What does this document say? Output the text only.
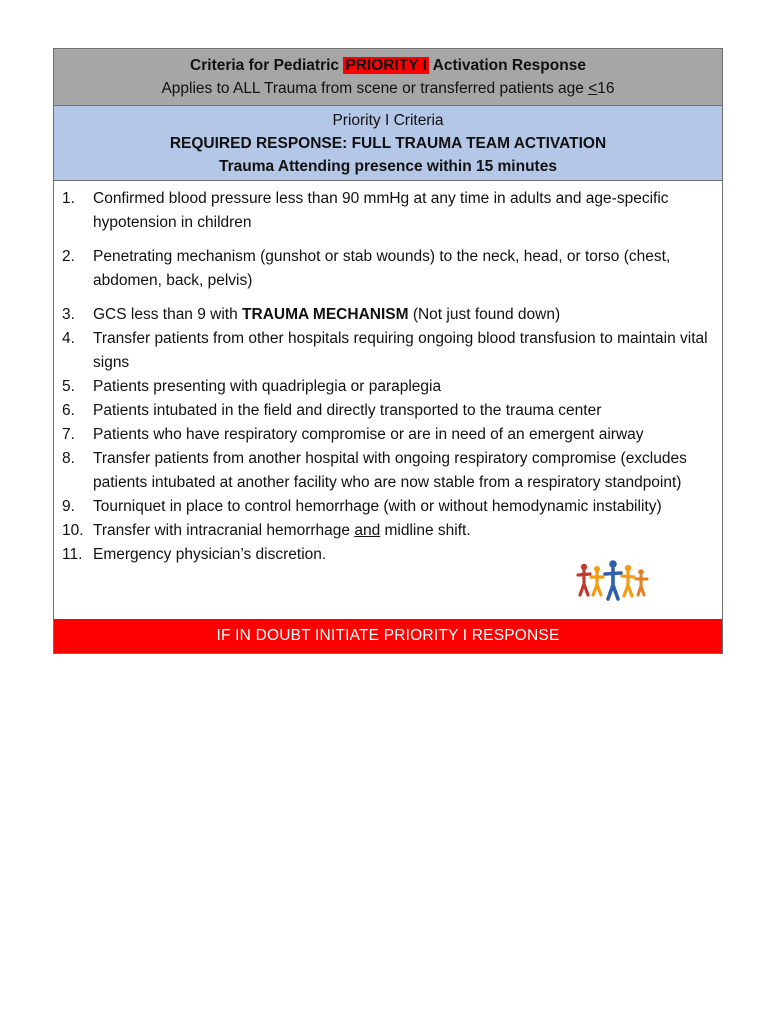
Criteria for Pediatric PRIORITY I Activation Response
Applies to ALL Trauma from scene or transferred patients age <16
Priority I Criteria
REQUIRED RESPONSE: FULL TRAUMA TEAM ACTIVATION
Trauma Attending presence within 15 minutes
1. Confirmed blood pressure less than 90 mmHg at any time in adults and age-specific hypotension in children
2. Penetrating mechanism (gunshot or stab wounds) to the neck, head, or torso (chest, abdomen, back, pelvis)
3. GCS less than 9 with TRAUMA MECHANISM (Not just found down)
4. Transfer patients from other hospitals requiring ongoing blood transfusion to maintain vital signs
5. Patients presenting with quadriplegia or paraplegia
6. Patients intubated in the field and directly transported to the trauma center
7. Patients who have respiratory compromise or are in need of an emergent airway
8. Transfer patients from another hospital with ongoing respiratory compromise (excludes patients intubated at another facility who are now stable from a respiratory standpoint)
9. Tourniquet in place to control hemorrhage (with or without hemodynamic instability)
10. Transfer with intracranial hemorrhage and midline shift.
11. Emergency physician’s discretion.
IF IN DOUBT INITIATE PRIORITY I RESPONSE
